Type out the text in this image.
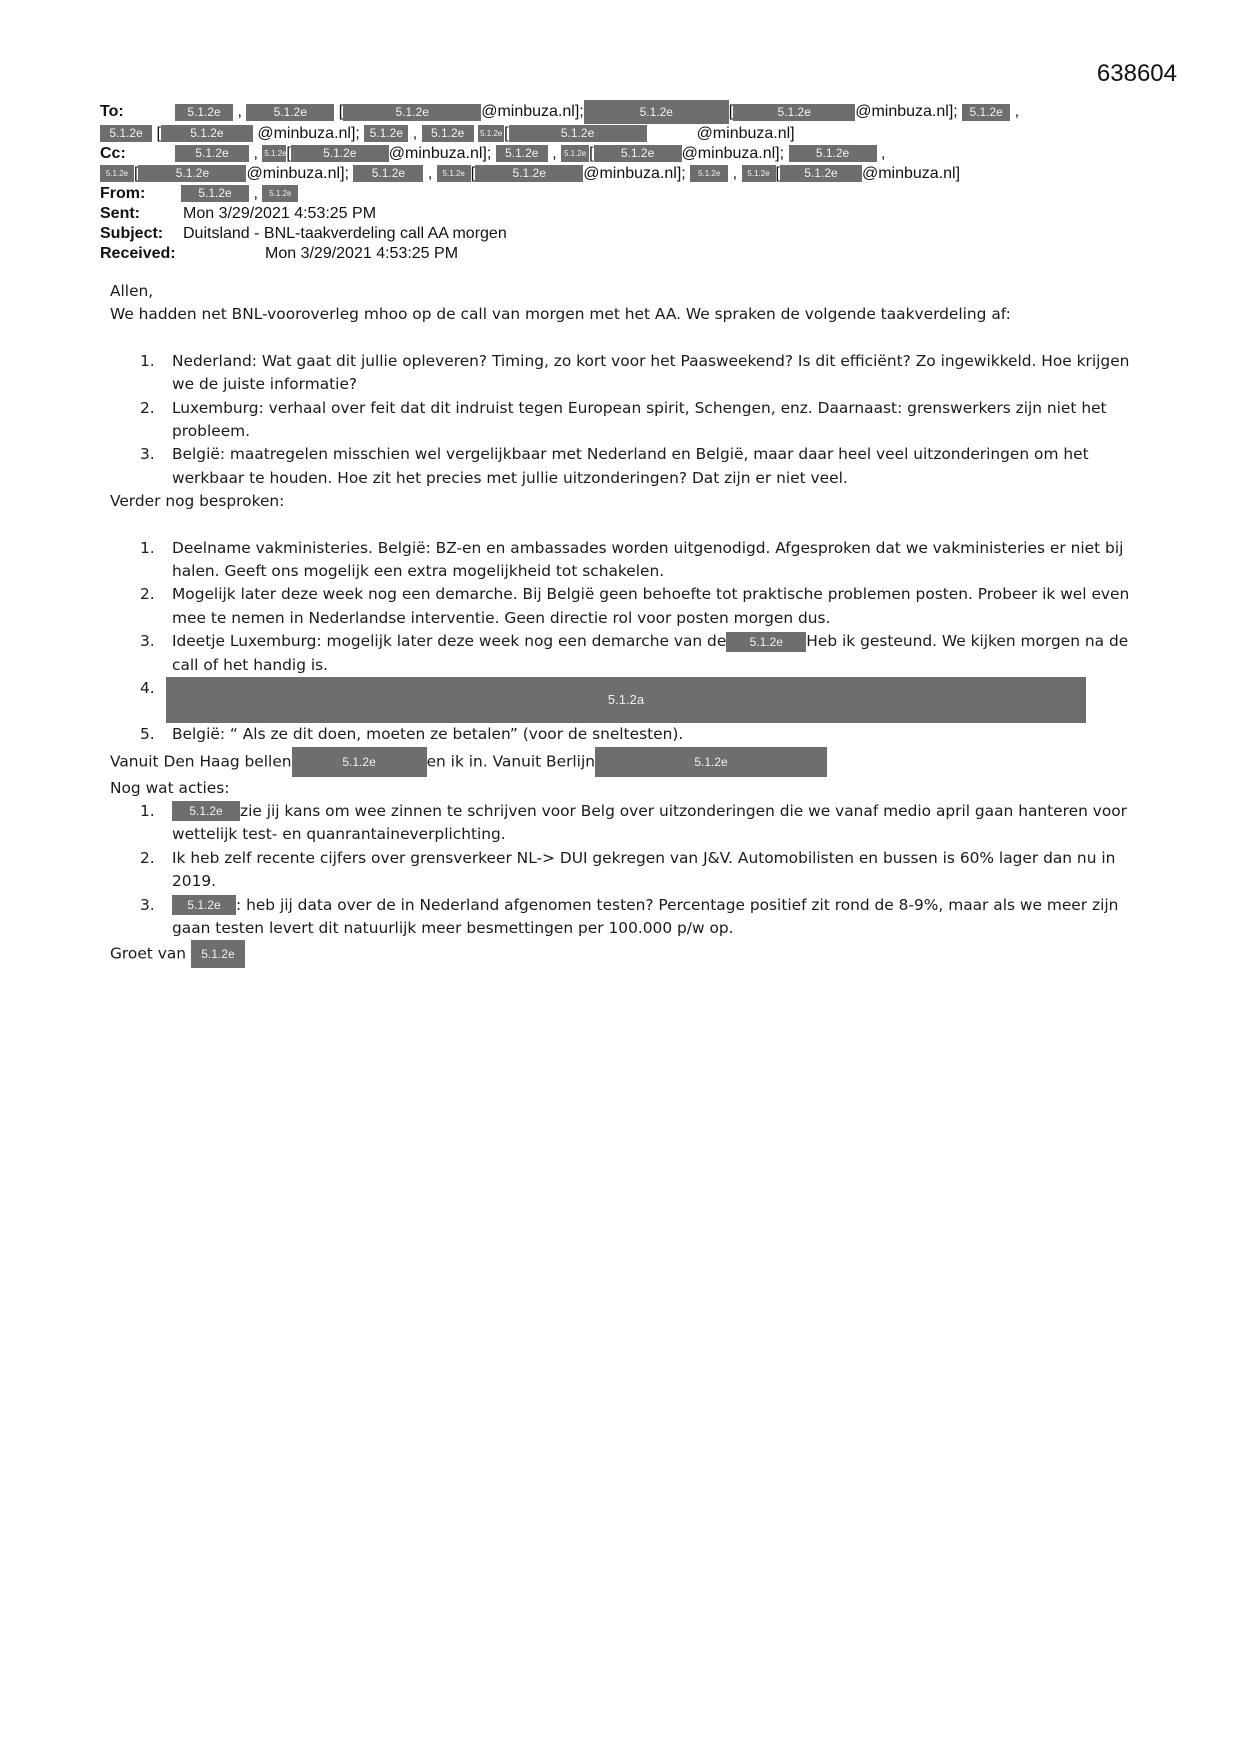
638604
To:	5.1.2e , 5.1.2e [	5.1.2e	@minbuza.nl];	5.1.2e	[	5.1.2e	@minbuza.nl]; 5.1.2e ,
5.1.2e [ 5.1.2e @minbuza.nl]; 5.1.2e , 5.1.2e 5.1.2e [	5.1.2e	@minbuza.nl]
Cc:	5.1.2e , 5.1.2e[	5.1.2e @minbuza.nl]; 5.1.2e , 5.1.2e [ 5.1.2e @minbuza.nl];	5.1.2e ,
5.1.2e [	5.1.2e @minbuza.nl]; 5.1.2e , 5.1.2e [	5.1.2e @minbuza.nl]; 5.1.2e , 5.1.2e [ 5.1.2e @minbuza.nl]
From:	5.1.2e , 5.1.2e
Sent:	Mon 3/29/2021 4:53:25 PM
Subject: Duitsland - BNL-taakverdeling call AA morgen
Received:	Mon 3/29/2021 4:53:25 PM

Allen,

We hadden net BNL-vooroverleg mhoo op de call van morgen met het AA. We spraken de volgende taakverdeling af:

1. Nederland: Wat gaat dit jullie opleveren? Timing, zo kort voor het Paasweekend? Is dit efficiënt? Zo ingewikkeld. Hoe krijgen we de juiste informatie?
2. Luxemburg: verhaal over feit dat dit indruist tegen European spirit, Schengen, enz. Daarnaast: grenswerkers zijn niet het probleem.
3. België: maatregelen misschien wel vergelijkbaar met Nederland en België, maar daar heel veel uitzonderingen om het werkbaar te houden. Hoe zit het precies met jullie uitzonderingen? Dat zijn er niet veel.

Verder nog besproken:

1. Deelname vakministeries. België: BZ-en en ambassades worden uitgenodigd. Afgesproken dat we vakministeries er niet bij halen. Geeft ons mogelijk een extra mogelijkheid tot schakelen.
2. Mogelijk later deze week nog een demarche. Bij België geen behoefte tot praktische problemen posten. Probeer ik wel even mee te nemen in Nederlandse interventie. Geen directie rol voor posten morgen dus.
3. Ideetje Luxemburg: mogelijk later deze week nog een demarche van de 5.1.2e Heb ik gesteund. We kijken morgen na de call of het handig is.
4.
5.1.2a
5. België: “ Als ze dit doen, moeten ze betalen” (voor de sneltesten).

Vanuit Den Haag bellen	5.1.2e	en ik in. Vanuit Berlijn	5.1.2e

Nog wat acties:

1.	5.1.2e zie jij kans om wee zinnen te schrijven voor Belg over uitzonderingen die we vanaf medio april gaan hanteren voor wettelijk test- en quanrantaineverplichting.
2. Ik heb zelf recente cijfers over grensverkeer NL-> DUI gekregen van J&V. Automobilisten en bussen is 60% lager dan nu in 2019.
3.	5.1.2e : heb jij data over de in Nederland afgenomen testen? Percentage positief zit rond de 8-9%, maar als we meer zijn gaan testen levert dit natuurlijk meer besmettingen per 100.000 p/w op.

Groet van 5.1.2e
